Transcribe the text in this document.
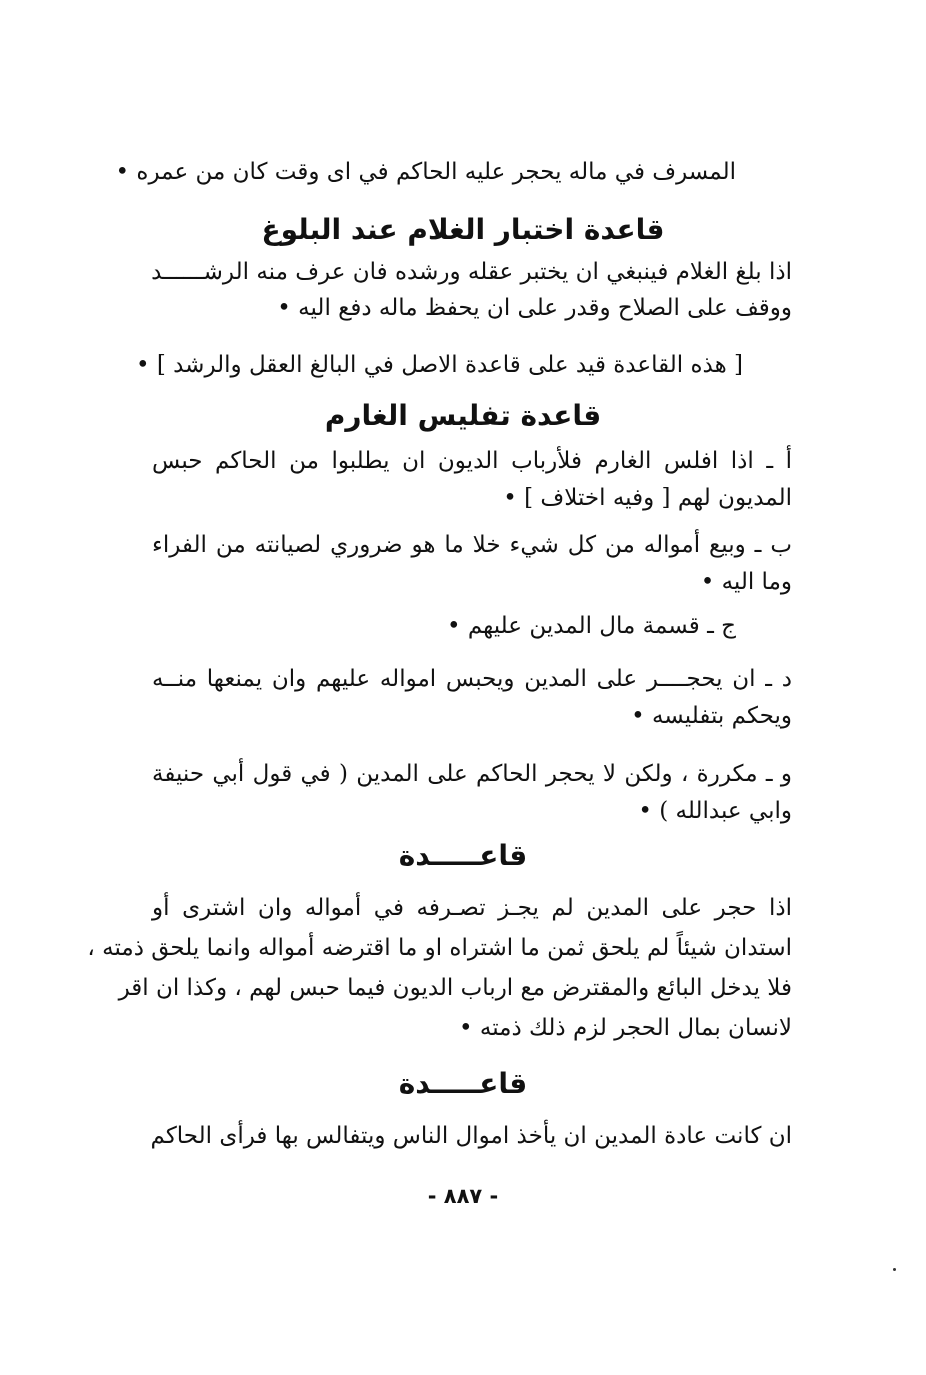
المسرف في ماله يحجر عليه الحاكم في اى وقت كان من عمره •
قاعدة اختبار الغلام عند البلوغ
اذا بلغ الغلام فينبغي ان يختبر عقله ورشده فان عرف منه الرشــــــد
ووقف على الصلاح وقدر على ان يحفظ ماله دفع اليه •
[ هذه القاعدة قيد على قاعدة الاصل في البالغ العقل والرشد ] •
قاعدة تفليس الغارم
أ ـ اذا افلس الغارم فلأرباب الديون ان يطلبوا من الحاكم حبس
المديون لهم [ وفيه اختلاف ] •
ب ـ وبيع أمواله من كل شيء خلا ما هو ضروري لصيانته من الفراء
وما اليه •
ج ـ قسمة مال المدين عليهم •
د ـ ان يحجــــر على المدين ويحبس امواله عليهم وان يمنعها منــه
ويحكم بتفليسه •
و ـ مكررة ، ولكن لا يحجر الحاكم على المدين ( في قول أبي حنيفة
وابي عبدالله ) •
قاعـــــدة
اذا حجر على المدين لم يجـز تصـرفه في أمواله وان اشترى أو
استدان شيئاً لم يلحق ثمن ما اشتراه او ما اقترضه أمواله وانما يلحق ذمته ،
فلا يدخل البائع والمقترض مع ارباب الديون فيما حبس لهم ، وكذا ان اقر
لانسان بمال الحجر لزم ذلك ذمته •
قاعـــــدة
ان كانت عادة المدين ان يأخذ اموال الناس ويتفالس بها فرأى الحاكم
- ٨٨٧ -
